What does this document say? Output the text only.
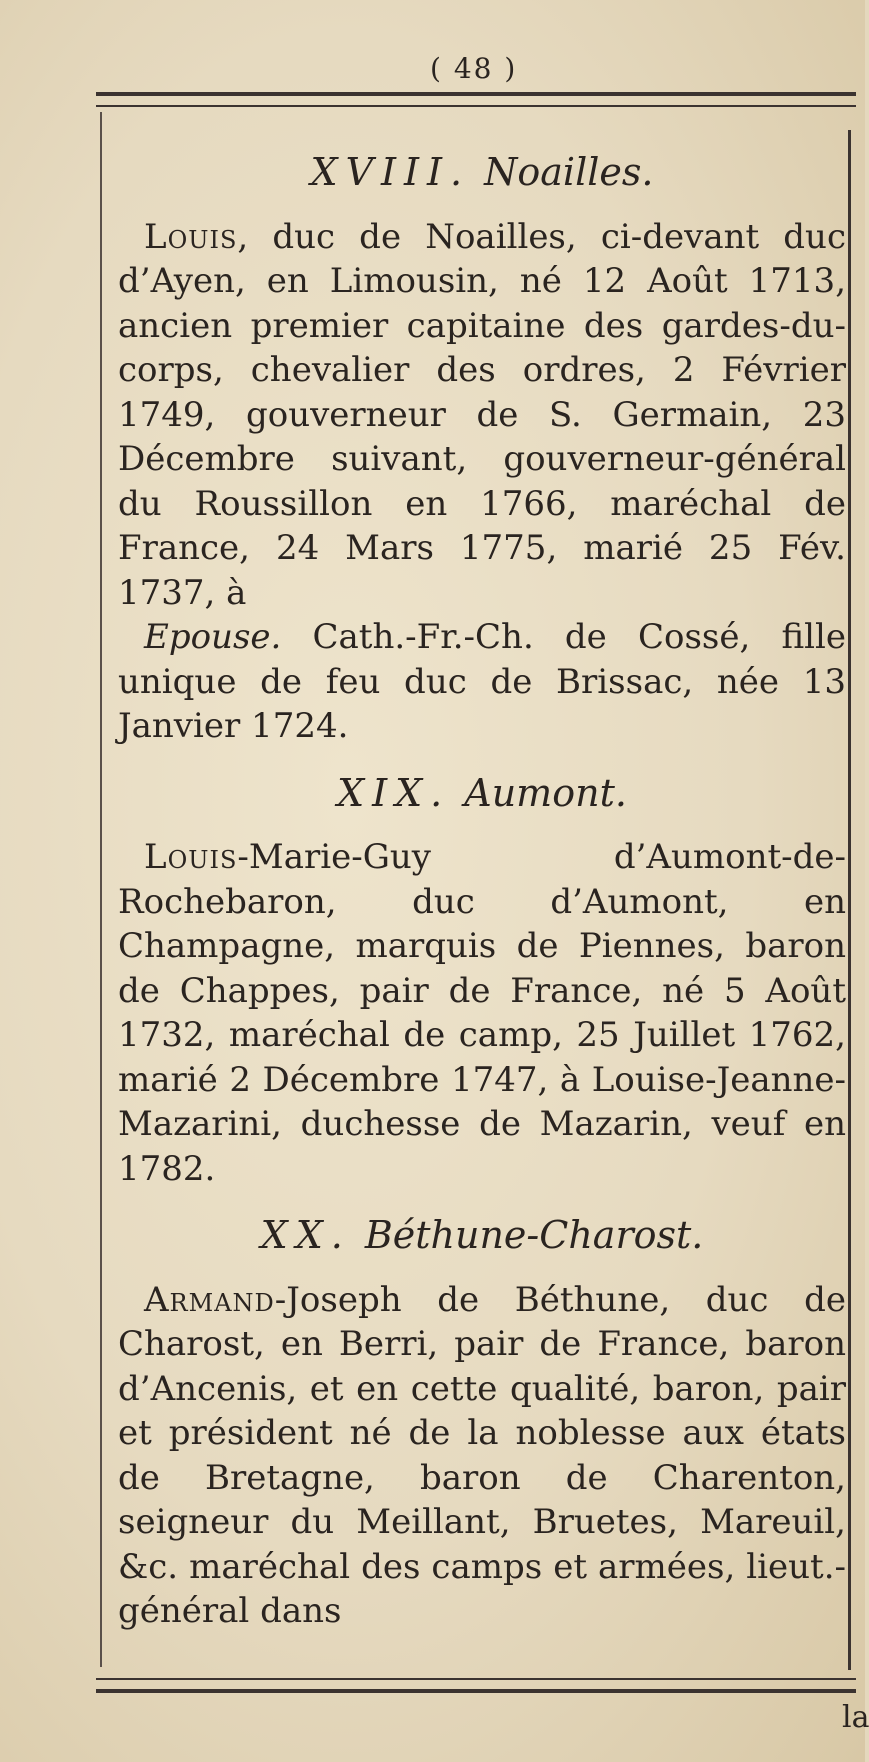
( 48 )
XVIII. Noailles.

Louis, duc de Noailles, ci-devant duc d’Ayen, en Limousin, né 12 Août 1713, ancien premier capitaine des gardes-du-corps, chevalier des ordres, 2 Février 1749, gouverneur de S. Germain, 23 Décembre suivant, gouverneur-général du Roussillon en 1766, maréchal de France, 24 Mars 1775, marié 25 Fév. 1737, à

Epouse. Cath.-Fr.-Ch. de Cossé, fille unique de feu duc de Brissac, née 13 Janvier 1724.

XIX. Aumont.

Louis-Marie-Guy d’Aumont-de-Rochebaron, duc d’Aumont, en Champagne, marquis de Piennes, baron de Chappes, pair de France, né 5 Août 1732, maréchal de camp, 25 Juillet 1762, marié 2 Décembre 1747, à Louise-Jeanne-Mazarini, duchesse de Mazarin, veuf en 1782.

XX. Béthune-Charost.

Armand-Joseph de Béthune, duc de Charost, en Berri, pair de France, baron d’Ancenis, et en cette qualité, baron, pair et président né de la noblesse aux états de Bretagne, baron de Charenton, seigneur du Meillant, Bruetes, Mareuil, &c. maréchal des camps et armées, lieut.-général dans

la
